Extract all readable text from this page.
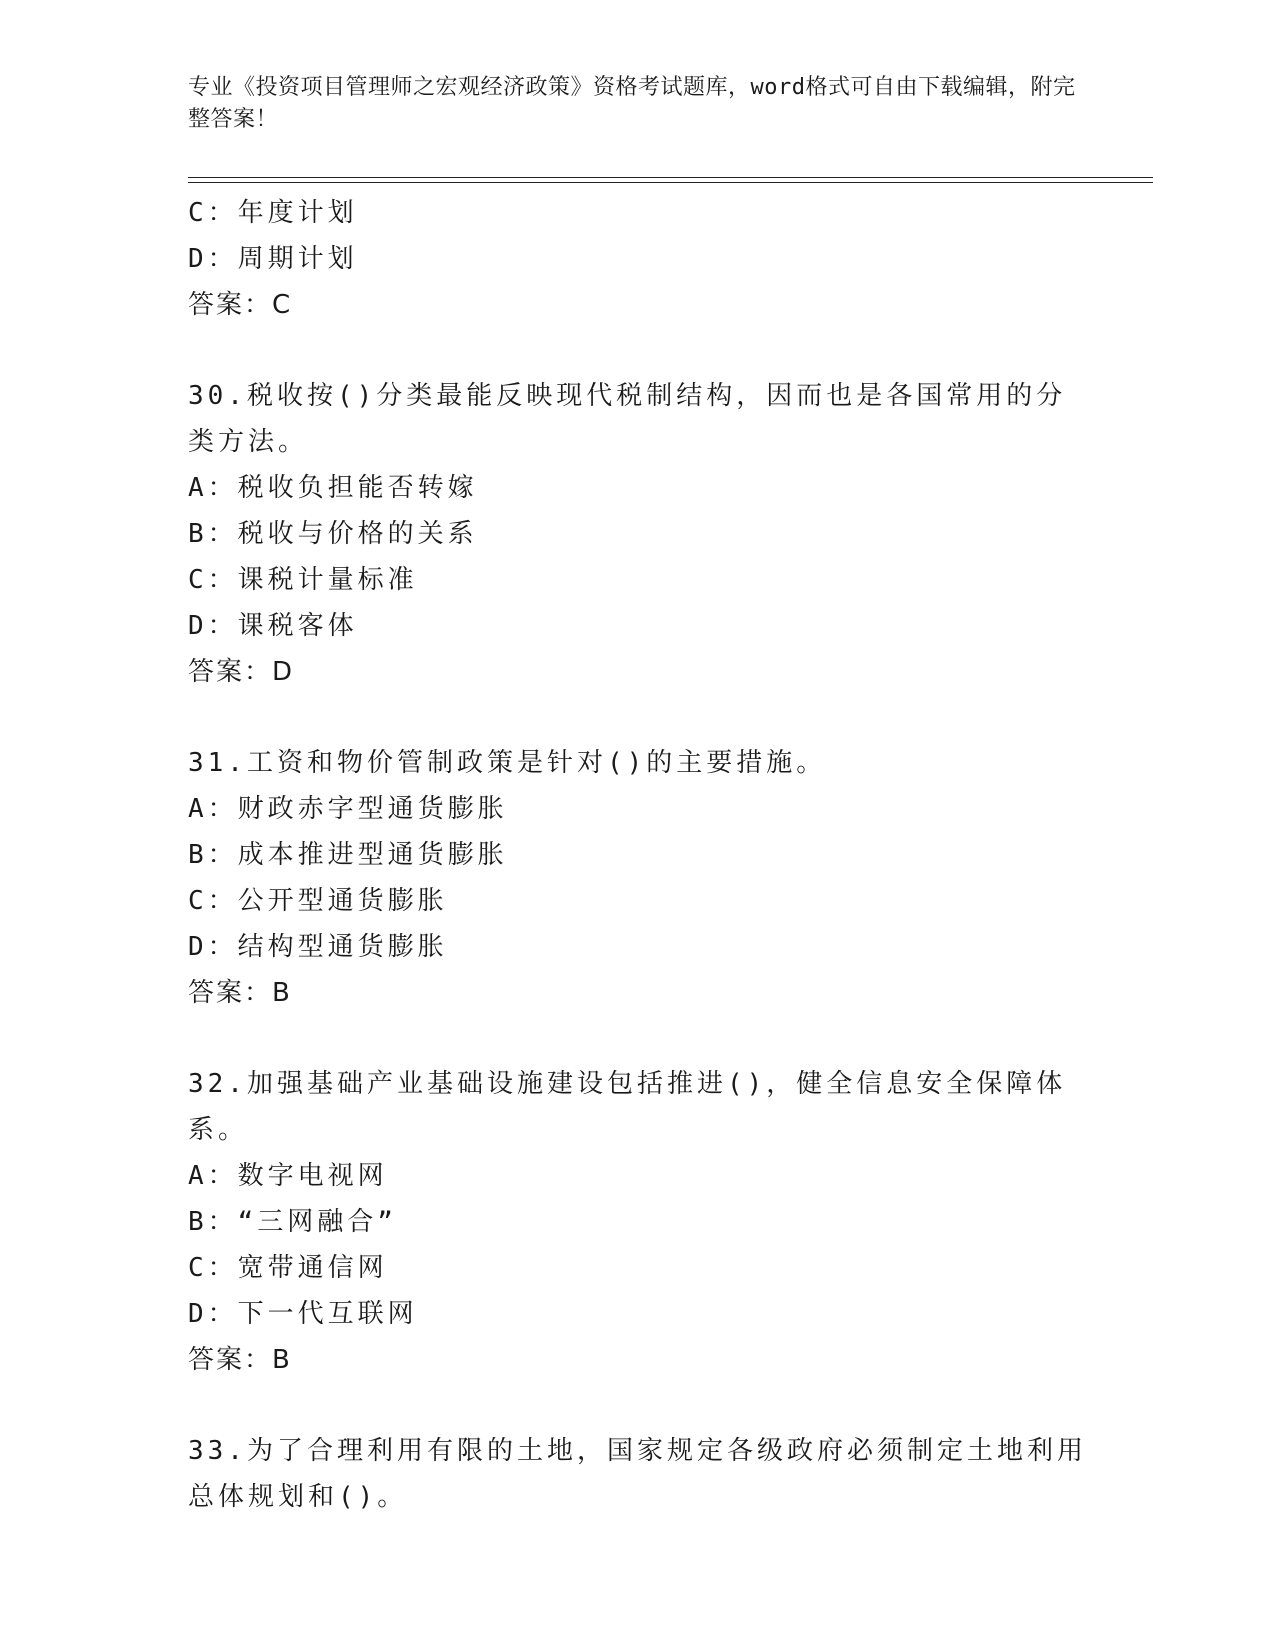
专业《投资项目管理师之宏观经济政策》资格考试题库，word格式可自由下载编辑，附完整答案！
C：年度计划
D：周期计划
答案：C
30.税收按()分类最能反映现代税制结构，因而也是各国常用的分类方法。
A：税收负担能否转嫁
B：税收与价格的关系
C：课税计量标准
D：课税客体
答案：D
31.工资和物价管制政策是针对()的主要措施。
A：财政赤字型通货膨胀
B：成本推进型通货膨胀
C：公开型通货膨胀
D：结构型通货膨胀
答案：B
32.加强基础产业基础设施建设包括推进()，健全信息安全保障体系。
A：数字电视网
B：“三网融合”
C：宽带通信网
D：下一代互联网
答案：B
33.为了合理利用有限的土地，国家规定各级政府必须制定土地利用总体规划和()。
